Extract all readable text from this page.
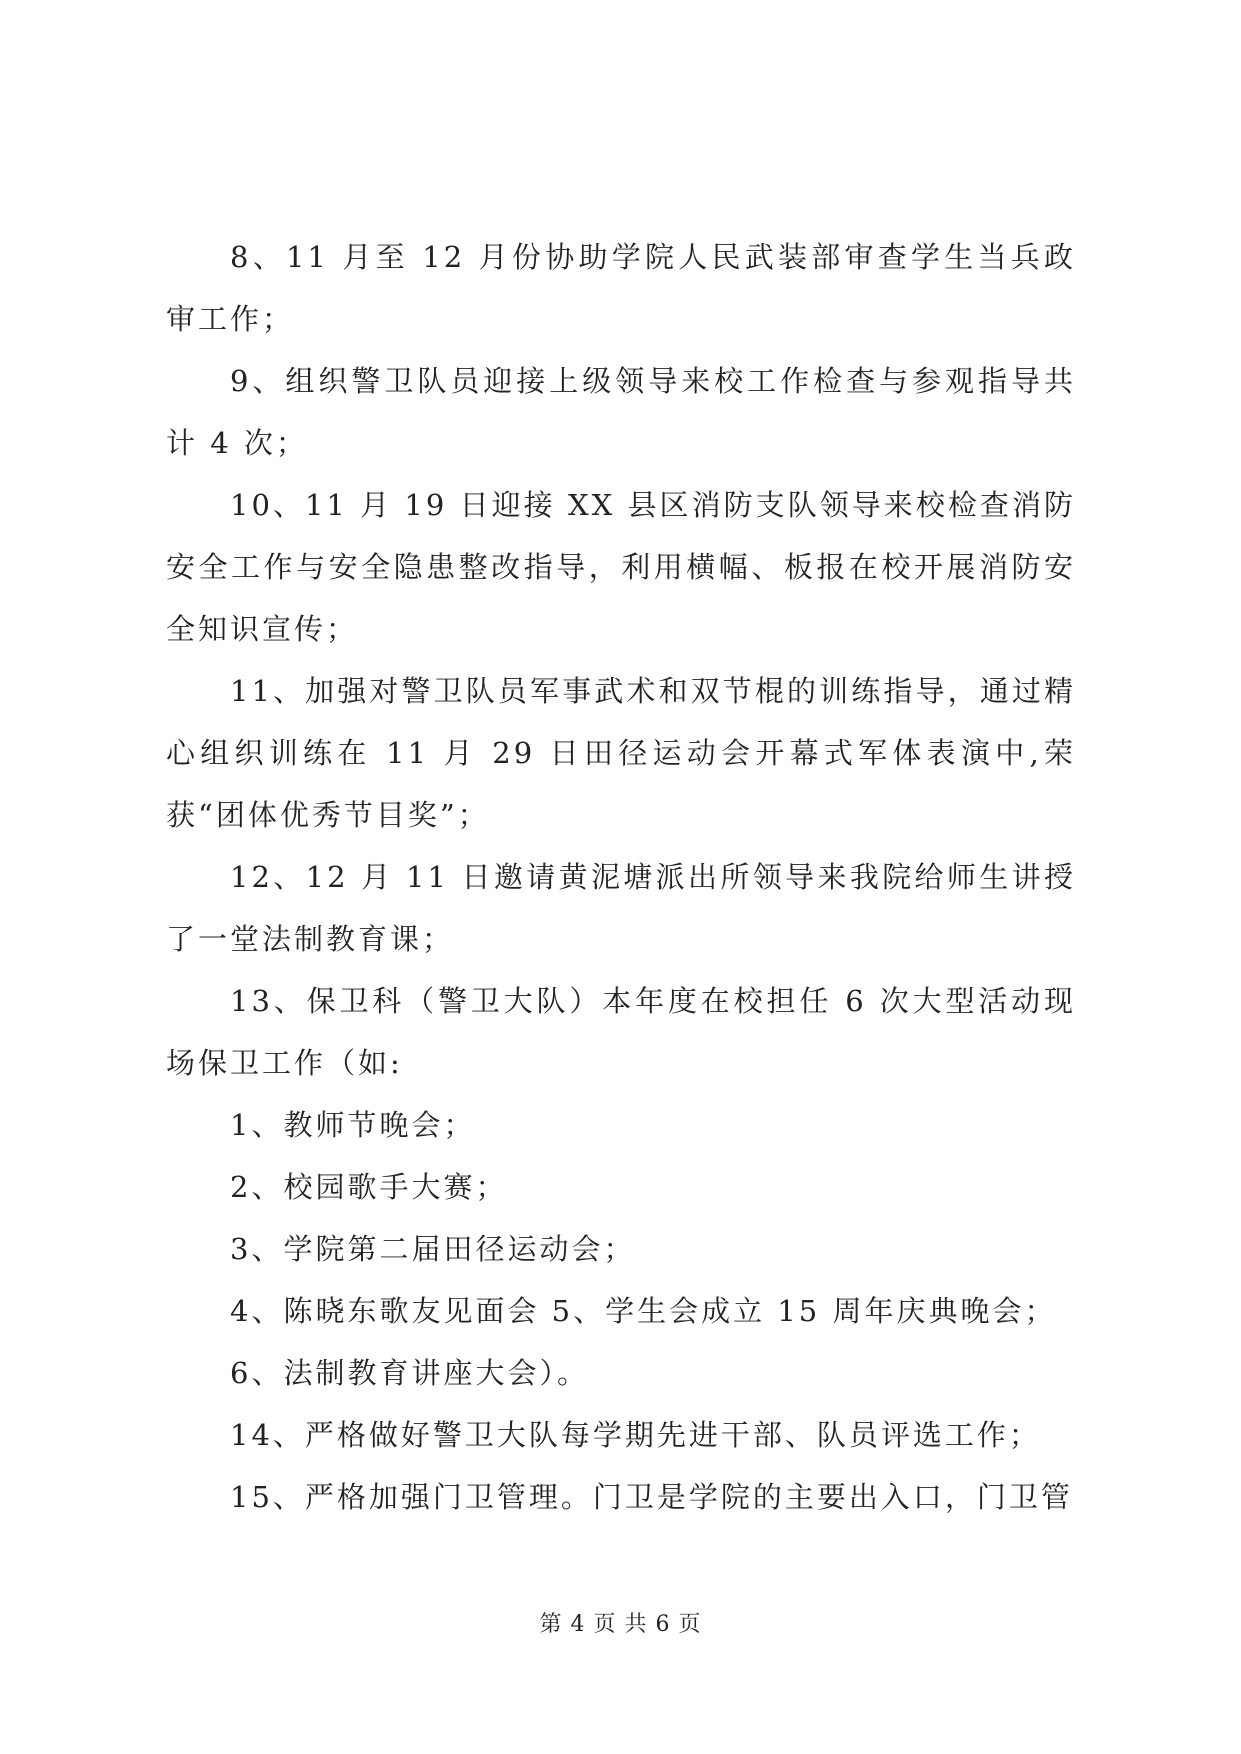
8、11 月至 12 月份协助学院人民武装部审查学生当兵政审工作；

9、组织警卫队员迎接上级领导来校工作检查与参观指导共计 4 次；

10、11 月 19 日迎接 XX 县区消防支队领导来校检查消防安全工作与安全隐患整改指导，利用横幅、板报在校开展消防安全知识宣传；

11、加强对警卫队员军事武术和双节棍的训练指导，通过精心组织训练在 11 月 29 日田径运动会开幕式军体表演中,荣获“团体优秀节目奖”；

12、12 月 11 日邀请黄泥塘派出所领导来我院给师生讲授了一堂法制教育课；

13、保卫科（警卫大队）本年度在校担任 6 次大型活动现场保卫工作（如:

1、教师节晚会；

2、校园歌手大赛；

3、学院第二届田径运动会；

4、陈晓东歌友见面会 5、学生会成立 15 周年庆典晚会；

6、法制教育讲座大会）。

14、严格做好警卫大队每学期先进干部、队员评选工作；

15、严格加强门卫管理。门卫是学院的主要出入口，门卫管

第 4 页 共 6 页
